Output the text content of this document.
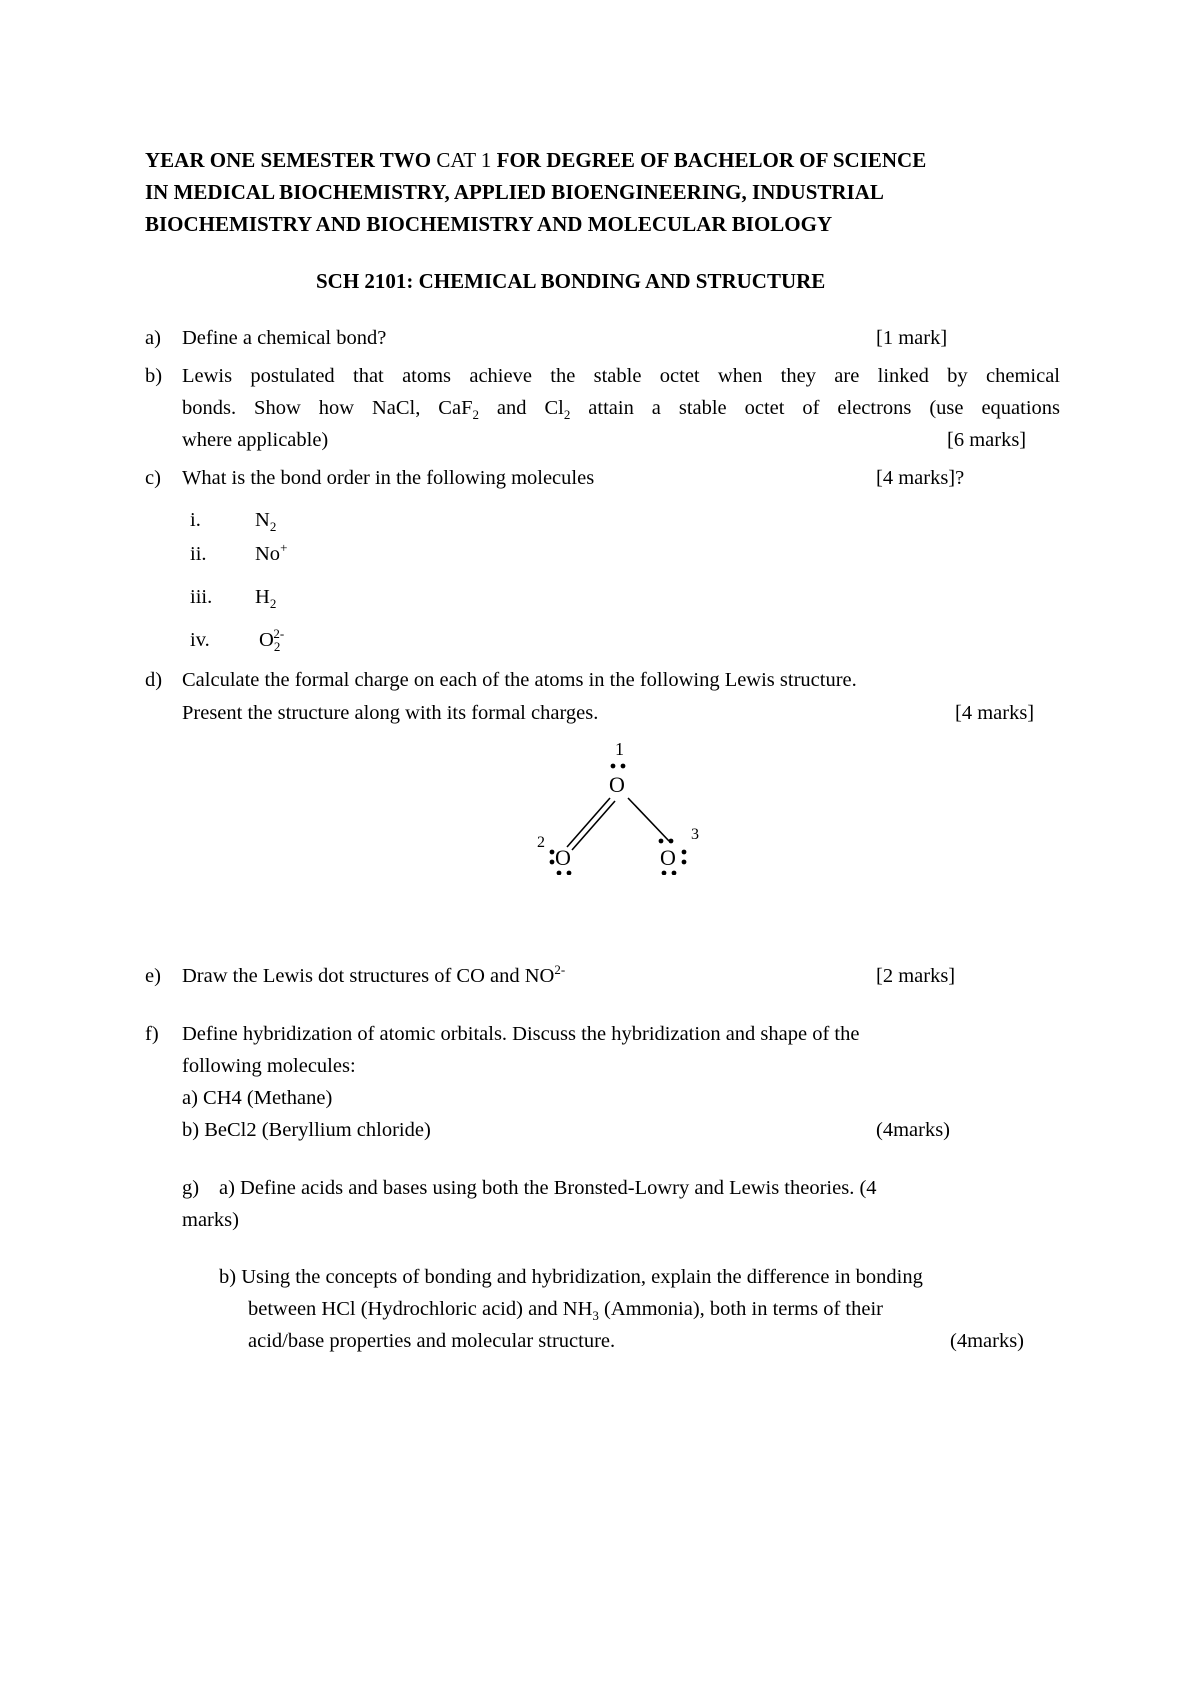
YEAR ONE SEMESTER TWO CAT 1 FOR DEGREE OF BACHELOR OF SCIENCE
IN MEDICAL BIOCHEMISTRY, APPLIED BIOENGINEERING, INDUSTRIAL
BIOCHEMISTRY AND BIOCHEMISTRY AND MOLECULAR BIOLOGY
SCH 2101: CHEMICAL BONDING AND STRUCTURE
a) Define a chemical bond?	[1 mark]
b) Lewis postulated that atoms achieve the stable octet when they are linked by chemical
bonds. Show how NaCl, CaF$_2$ and $Cl_2$ attain a stable octet of electrons (use equations
where applicable)	[6 marks]
c) What is the bond order in the following molecules	[4 marks]?
i.	$N_2$
ii. No+
iii. $H_2$
iv. $O_2^{2-}$
d) Calculate the formal charge on each of the atoms in the following Lewis structure.
Present the structure along with its formal charges.	[4 marks]
1
O
2
O	O
3
e) Draw the Lewis dot structures of CO and $NO^{2-}$	[2 marks]
f) Define hybridization of atomic orbitals. Discuss the hybridization and shape of the
following molecules:
a) CH4 (Methane)
b) BeCl2 (Beryllium chloride)	(4marks)
g) a) Define acids and bases using both the Bronsted-Lowry and Lewis theories. (4
marks)
b) Using the concepts of bonding and hybridization, explain the difference in bonding
between HCl (Hydrochloric acid) and $NH_3$ (Ammonia), both in terms of their
acid/base properties and molecular structure.	(4marks)
